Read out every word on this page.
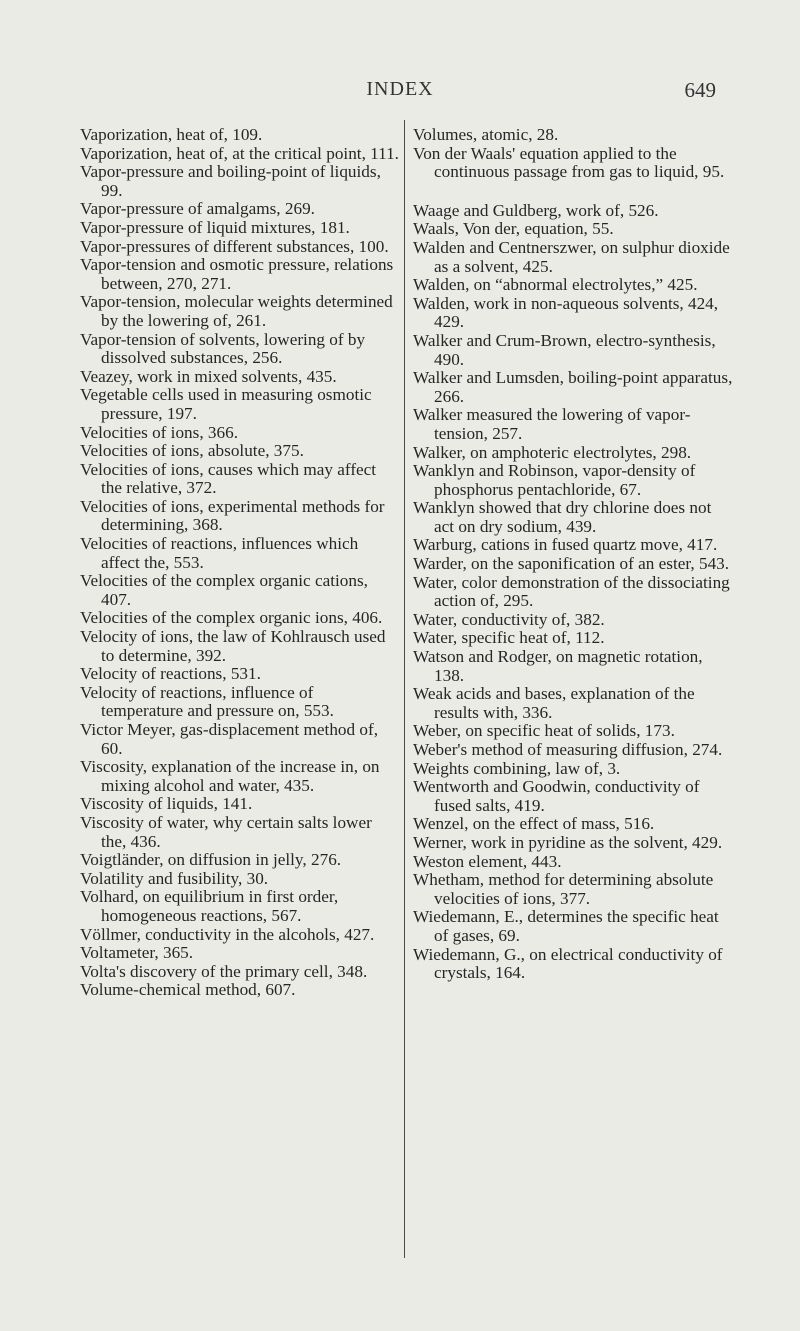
INDEX	649

Vaporization, heat of, 109.

Vaporization, heat of, at the critical point, 111.

Vapor-pressure and boiling-point of liquids, 99.

Vapor-pressure of amalgams, 269.

Vapor-pressure of liquid mixtures, 181.

Vapor-pressures of different substances, 100.

Vapor-tension and osmotic pressure, relations between, 270, 271.

Vapor-tension, molecular weights determined by the lowering of, 261.

Vapor-tension of solvents, lowering of by dissolved substances, 256.

Veazey, work in mixed solvents, 435.

Vegetable cells used in measuring osmotic pressure, 197.

Velocities of ions, 366.

Velocities of ions, absolute, 375.

Velocities of ions, causes which may affect the relative, 372.

Velocities of ions, experimental methods for determining, 368.

Velocities of reactions, influences which affect the, 553.

Velocities of the complex organic cations, 407.

Velocities of the complex organic ions, 406.

Velocity of ions, the law of Kohlrausch used to determine, 392.

Velocity of reactions, 531.

Velocity of reactions, influence of temperature and pressure on, 553.

Victor Meyer, gas-displacement method of, 60.

Viscosity, explanation of the increase in, on mixing alcohol and water, 435.

Viscosity of liquids, 141.

Viscosity of water, why certain salts lower the, 436.

Voigtländer, on diffusion in jelly, 276.

Volatility and fusibility, 30.

Volhard, on equilibrium in first order, homogeneous reactions, 567.

Völlmer, conductivity in the alcohols, 427.

Voltameter, 365.

Volta's discovery of the primary cell, 348.

Volume-chemical method, 607.

Volumes, atomic, 28.

Von der Waals' equation applied to the continuous passage from gas to liquid, 95.

Waage and Guldberg, work of, 526.

Waals, Von der, equation, 55.

Walden and Centnerszwer, on sulphur dioxide as a solvent, 425.

Walden, on “abnormal electrolytes,” 425.

Walden, work in non-aqueous solvents, 424, 429.

Walker and Crum-Brown, electro-synthesis, 490.

Walker and Lumsden, boiling-point apparatus, 266.

Walker measured the lowering of vapor-tension, 257.

Walker, on amphoteric electrolytes, 298.

Wanklyn and Robinson, vapor-density of phosphorus pentachloride, 67.

Wanklyn showed that dry chlorine does not act on dry sodium, 439.

Warburg, cations in fused quartz move, 417.

Warder, on the saponification of an ester, 543.

Water, color demonstration of the dissociating action of, 295.

Water, conductivity of, 382.

Water, specific heat of, 112.

Watson and Rodger, on magnetic rotation, 138.

Weak acids and bases, explanation of the results with, 336.

Weber, on specific heat of solids, 173.

Weber's method of measuring diffusion, 274.

Weights combining, law of, 3.

Wentworth and Goodwin, conductivity of fused salts, 419.

Wenzel, on the effect of mass, 516.

Werner, work in pyridine as the solvent, 429.

Weston element, 443.

Whetham, method for determining absolute velocities of ions, 377.

Wiedemann, E., determines the specific heat of gases, 69.

Wiedemann, G., on electrical conductivity of crystals, 164.
